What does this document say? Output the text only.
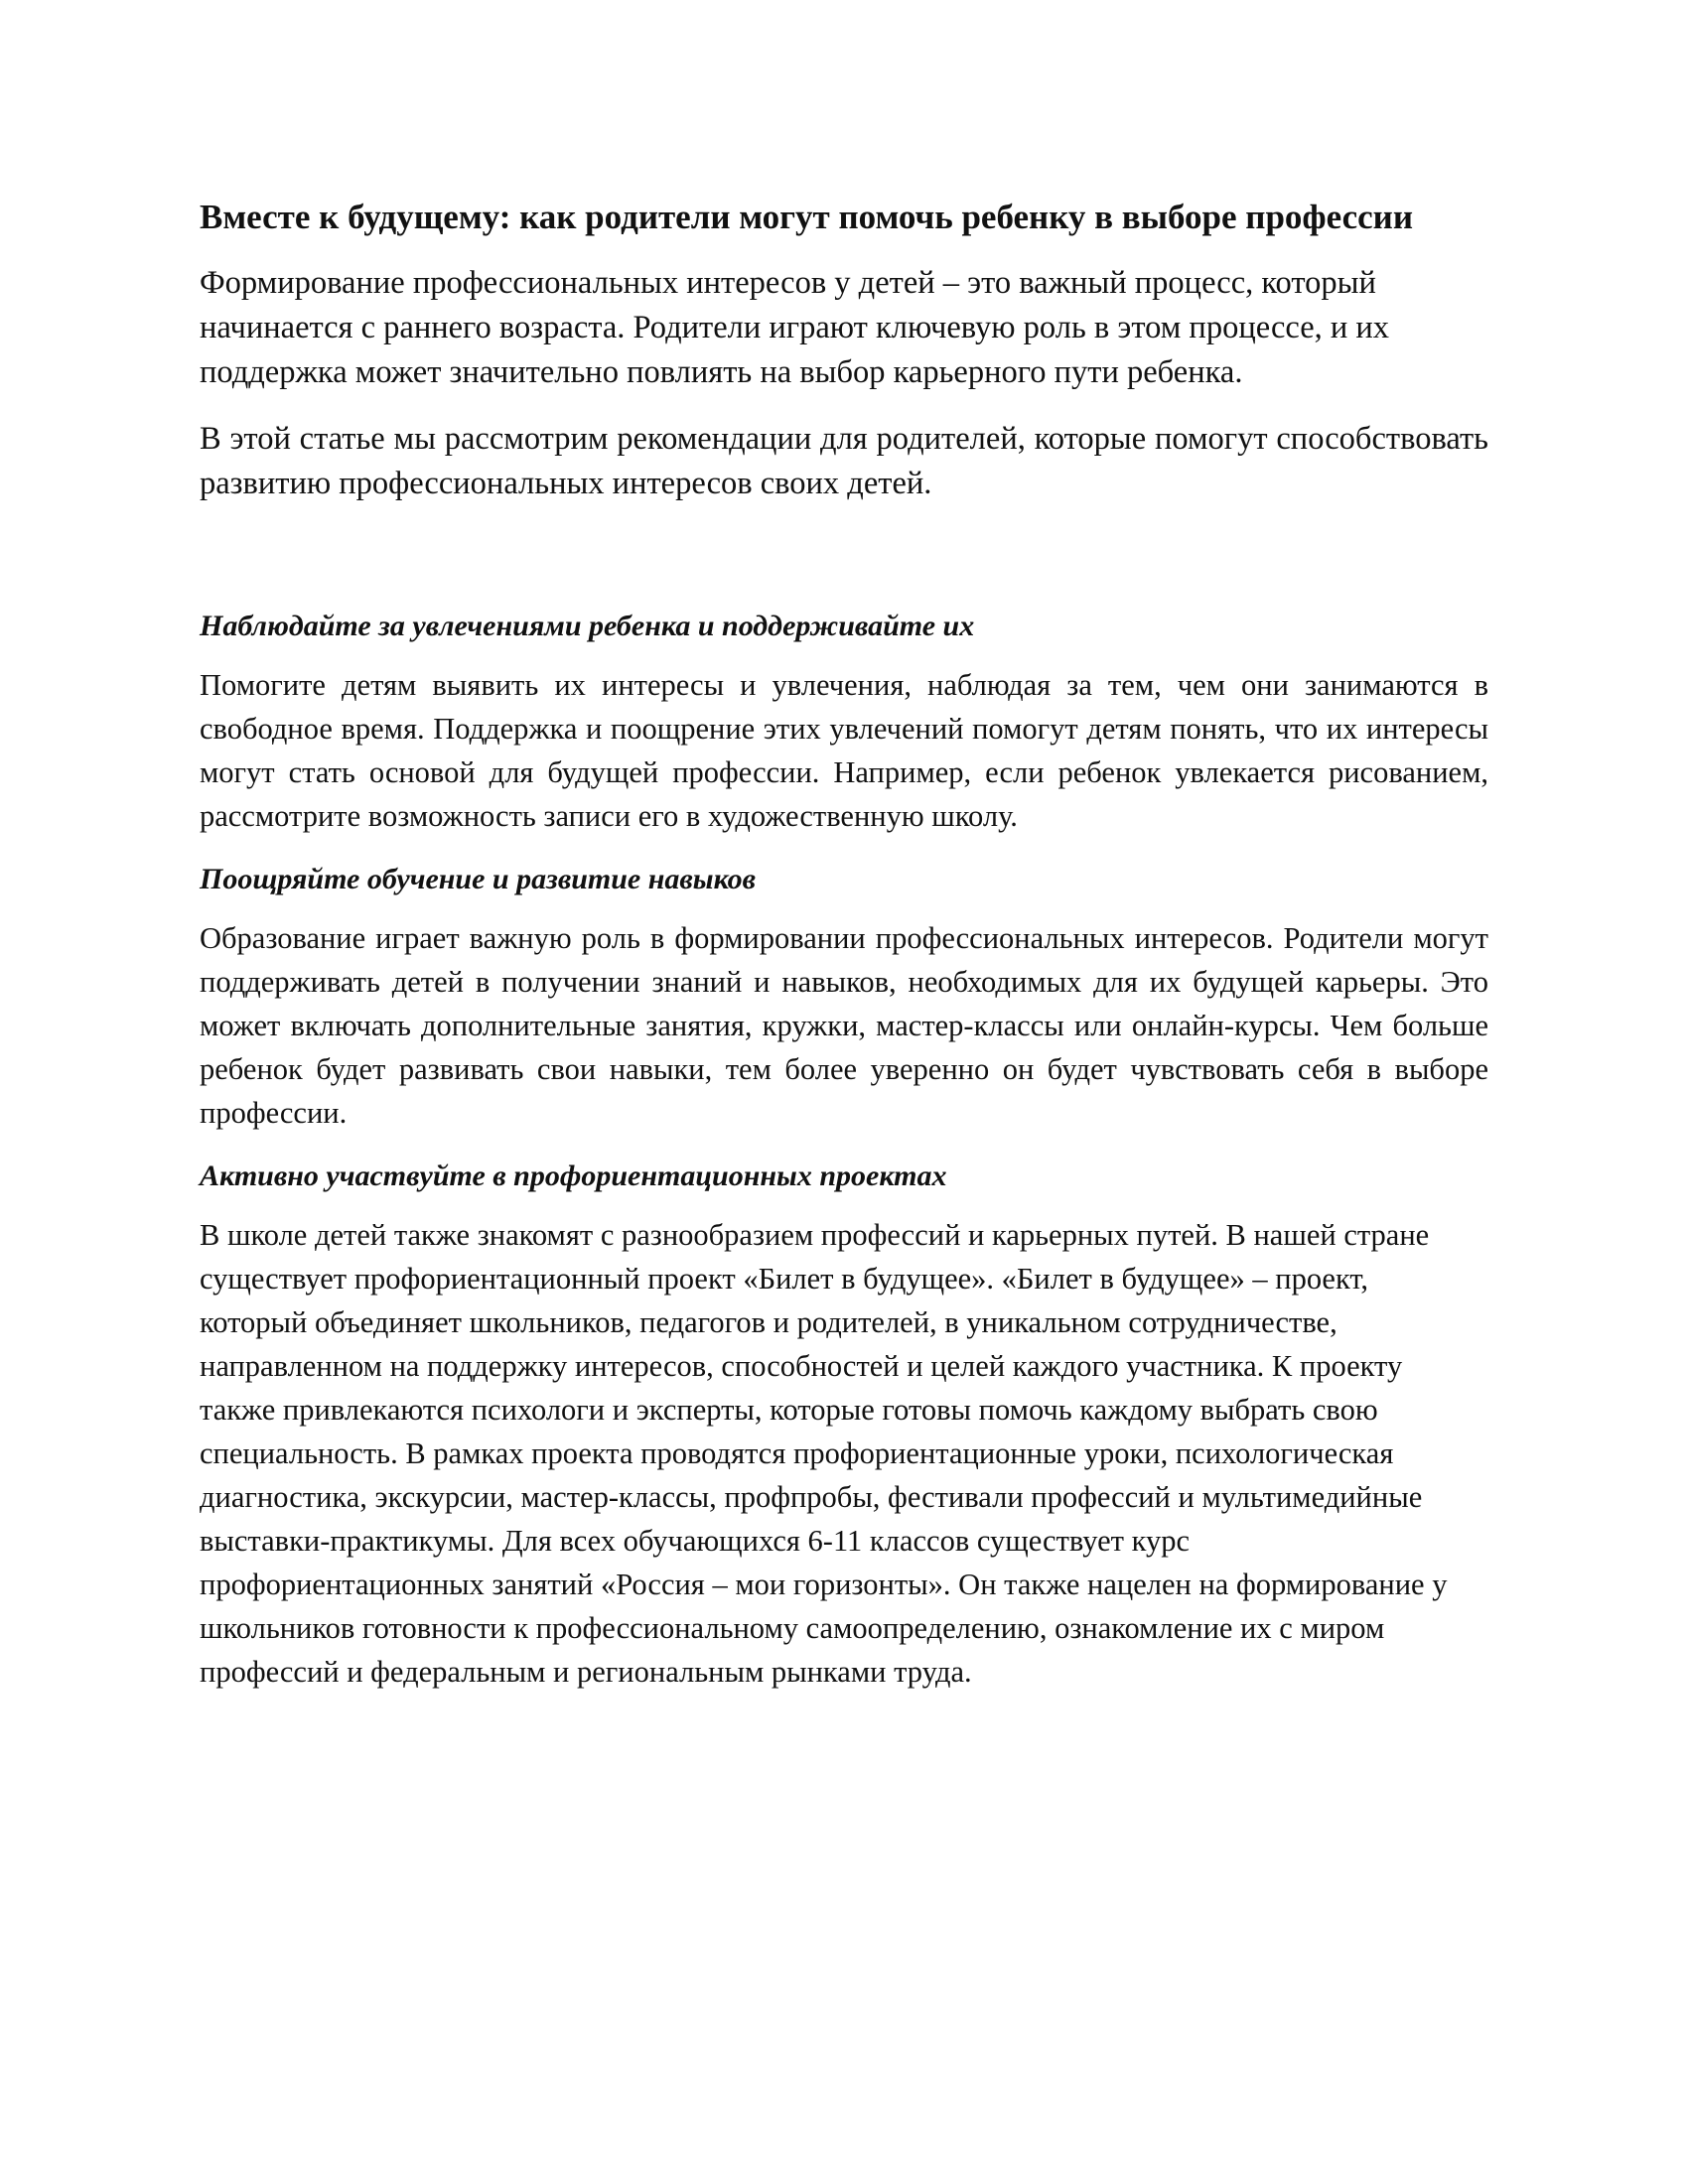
Вместе к будущему: как родители могут помочь ребенку в выборе профессии

Формирование профессиональных интересов у детей – это важный процесс, который начинается с раннего возраста. Родители играют ключевую роль в этом процессе, и их поддержка может значительно повлиять на выбор карьерного пути ребенка.

В этой статье мы рассмотрим рекомендации для родителей, которые помогут способствовать развитию профессиональных интересов своих детей.

Наблюдайте за увлечениями ребенка и поддерживайте их

Помогите детям выявить их интересы и увлечения, наблюдая за тем, чем они занимаются в свободное время. Поддержка и поощрение этих увлечений помогут детям понять, что их интересы могут стать основой для будущей профессии. Например, если ребенок увлекается рисованием, рассмотрите возможность записи его в художественную школу.

Поощряйте обучение и развитие навыков

Образование играет важную роль в формировании профессиональных интересов. Родители могут поддерживать детей в получении знаний и навыков, необходимых для их будущей карьеры. Это может включать дополнительные занятия, кружки, мастер-классы или онлайн-курсы. Чем больше ребенок будет развивать свои навыки, тем более уверенно он будет чувствовать себя в выборе профессии.

Активно участвуйте в профориентационных проектах

В школе детей также знакомят с разнообразием профессий и карьерных путей. В нашей стране существует профориентационный проект «Билет в будущее». «Билет в будущее» – проект, который объединяет школьников, педагогов и родителей, в уникальном сотрудничестве, направленном на поддержку интересов, способностей и целей каждого участника. К проекту также привлекаются психологи и эксперты, которые готовы помочь каждому выбрать свою специальность. В рамках проекта проводятся профориентационные уроки, психологическая диагностика, экскурсии, мастер-классы, профпробы, фестивали профессий и мультимедийные выставки-практикумы. Для всех обучающихся 6-11 классов существует курс профориентационных занятий «Россия – мои горизонты». Он также нацелен на формирование у школьников готовности к профессиональному самоопределению, ознакомление их с миром профессий и федеральным и региональным рынками труда.
